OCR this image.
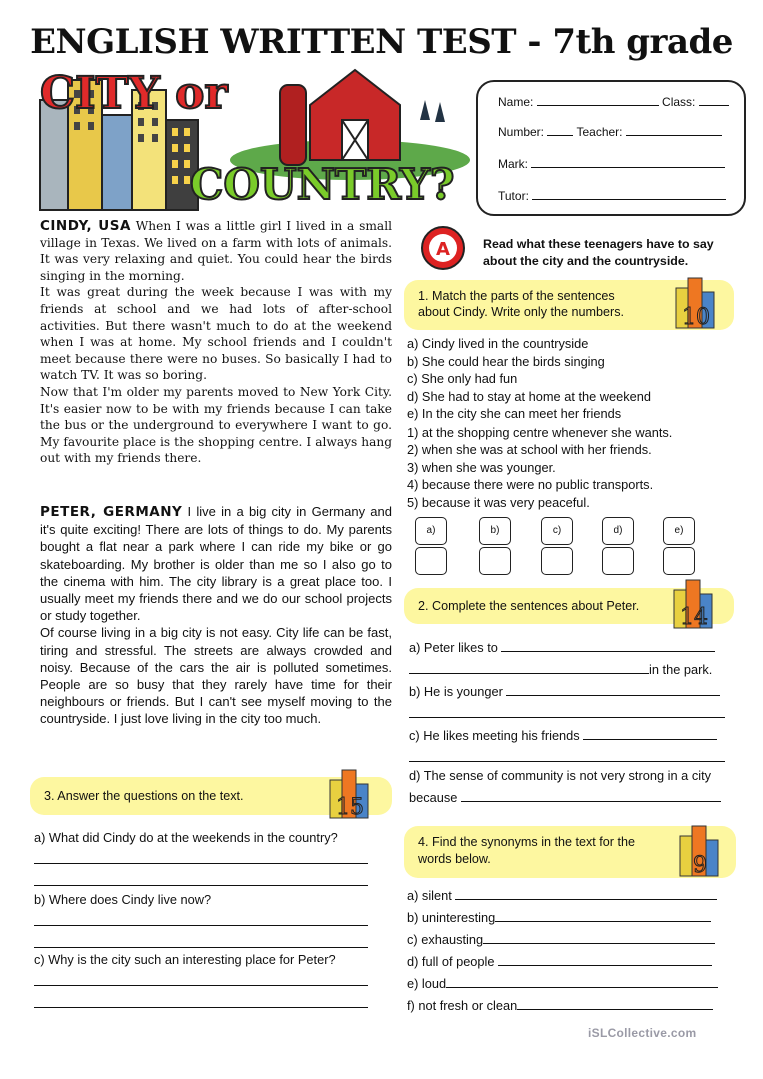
ENGLISH WRITTEN TEST - 7th grade
CITY or
COUNTRY?
Name:	Class:
Number:	Teacher:
Mark:
Tutor:

CINDY, USA When I was a little girl I lived in a small village in Texas. We lived on a farm with lots of animals. It was very relaxing and quiet. You could hear the birds singing in the morning.

It was great during the week because I was with my friends at school and we had lots of after-school activities. But there wasn't much to do at the weekend when I was at home. My school friends and I couldn't meet because there were no buses. So basically I had to watch TV. It was so boring.

Now that I'm older my parents moved to New York City. It's easier now to be with my friends because I can take the bus or the underground to everywhere I want to go. My favourite place is the shopping centre. I always hang out with my friends there.

PETER, GERMANY I live in a big city in Germany and it's quite exciting! There are lots of things to do. My parents bought a flat near a park where I can ride my bike or go skateboarding. My brother is older than me so I also go to the cinema with him. The city library is a great place too. I usually meet my friends there and we do our school projects or study together.

Of course living in a big city is not easy. City life can be fast, tiring and stressful. The streets are always crowded and noisy. Because of the cars the air is polluted sometimes. People are so busy that they rarely have time for their neighbours or friends. But I can't see myself moving to the countryside. I just love living in the city too much.

A	Read what these teenagers have to say
about the city and the countryside.
1. Match the parts of the sentences
about Cindy. Write only the numbers.	10
a) Cindy lived in the countryside
b) She could hear the birds singing
c) She only had fun
d) She had to stay at home at the weekend
e) In the city she can meet her friends
1) at the shopping centre whenever she wants.
2) when she was at school with her friends.
3) when she was younger.
4) because there were no public transports.
5) because it was very peaceful.
a)	b)	c)	d)	e)
2. Complete the sentences about Peter.	14
a) Peter likes to
in the park.
b) He is younger
c) He likes meeting his friends
d) The sense of community is not very strong in a city
because
3. Answer the questions on the text.	15
a) What did Cindy do at the weekends in the country?
b) Where does Cindy live now?
c) Why is the city such an interesting place for Peter?
4. Find the synonyms in the text for the
words below.	9
a) silent
b) uninteresting
c) exhausting
d) full of people
e) loud
f) not fresh or clean
iSLCollective.com
